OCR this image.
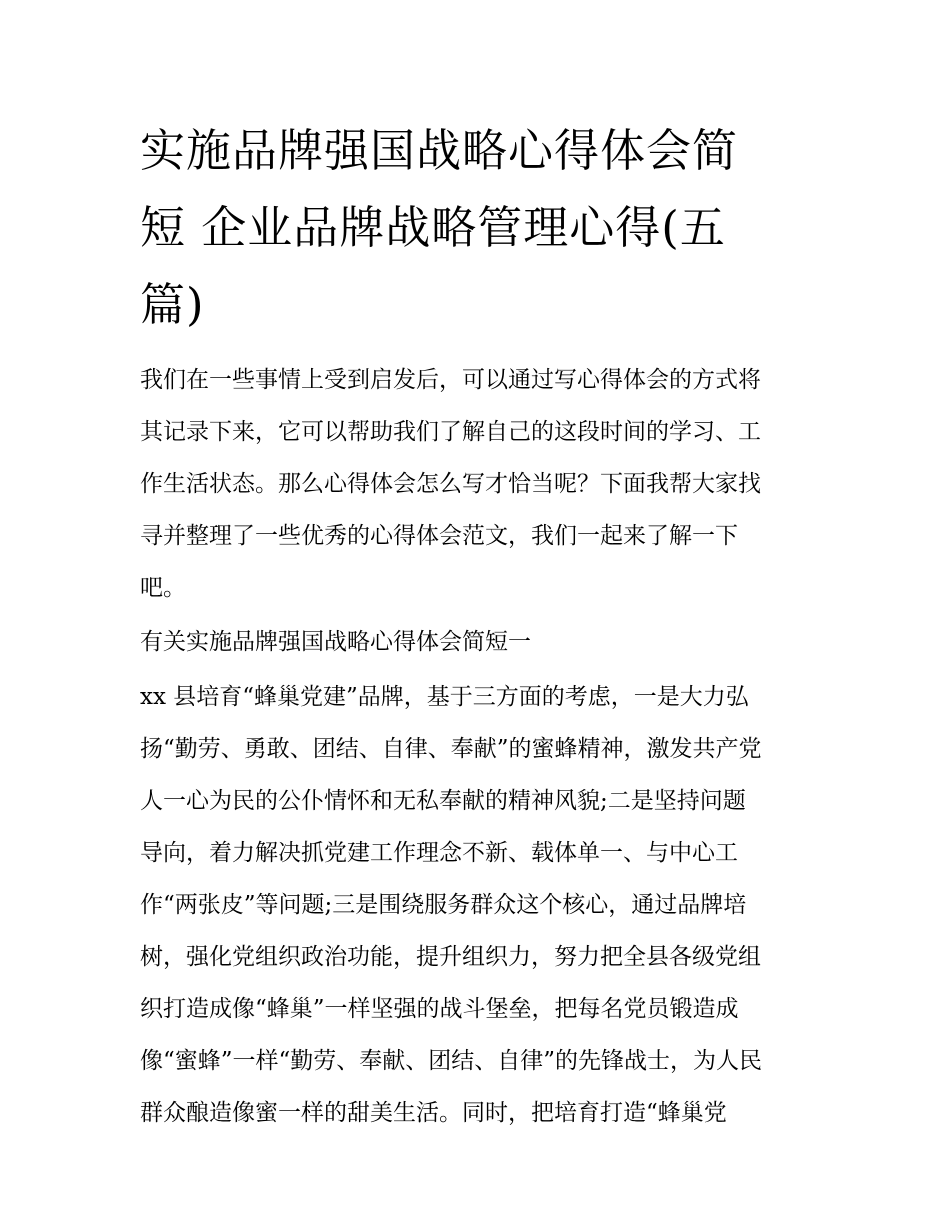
实施品牌强国战略心得体会简
短 企业品牌战略管理心得(五
篇)

我们在一些事情上受到启发后，可以通过写心得体会的方式将
其记录下来，它可以帮助我们了解自己的这段时间的学习、工
作生活状态。那么心得体会怎么写才恰当呢？下面我帮大家找
寻并整理了一些优秀的心得体会范文，我们一起来了解一下
吧。

有关实施品牌强国战略心得体会简短一

xx 县培育“蜂巢党建”品牌，基于三方面的考虑，一是大力弘
扬“勤劳、勇敢、团结、自律、奉献”的蜜蜂精神，激发共产党
人一心为民的公仆情怀和无私奉献的精神风貌;二是坚持问题
导向，着力解决抓党建工作理念不新、载体单一、与中心工
作“两张皮”等问题;三是围绕服务群众这个核心，通过品牌培
树，强化党组织政治功能，提升组织力，努力把全县各级党组
织打造成像“蜂巢”一样坚强的战斗堡垒，把每名党员锻造成
像“蜜蜂”一样“勤劳、奉献、团结、自律”的先锋战士，为人民
群众酿造像蜜一样的甜美生活。同时，把培育打造“蜂巢党
